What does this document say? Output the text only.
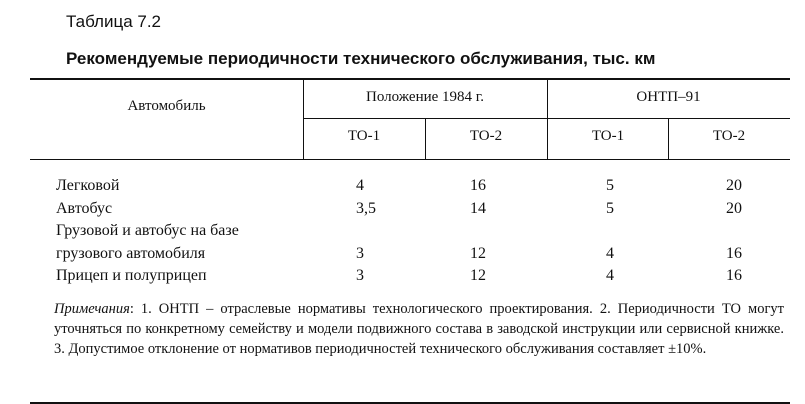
Таблица 7.2
Рекомендуемые периодичности технического обслуживания, тыс. км
Автомобиль
Положение 1984 г.	ОНТП–91
ТО-1	ТО-2	ТО-1	ТО-2
Легковой	4	16	5	20
Автобус	3,5	14	5	20
Грузовой и автобус на базе
грузового автомобиля	3	12	4	16
Прицеп и полуприцеп	3	12	4	16
Примечания: 1. ОНТП – отраслевые нормативы технологического проектирования. 2. Периодичности ТО могут уточняться по конкретному семейству и модели подвижного состава в заводской инструкции или сервисной книжке. 3. Допустимое отклонение от нормативов периодичностей технического обслуживания составляет ±10%.
